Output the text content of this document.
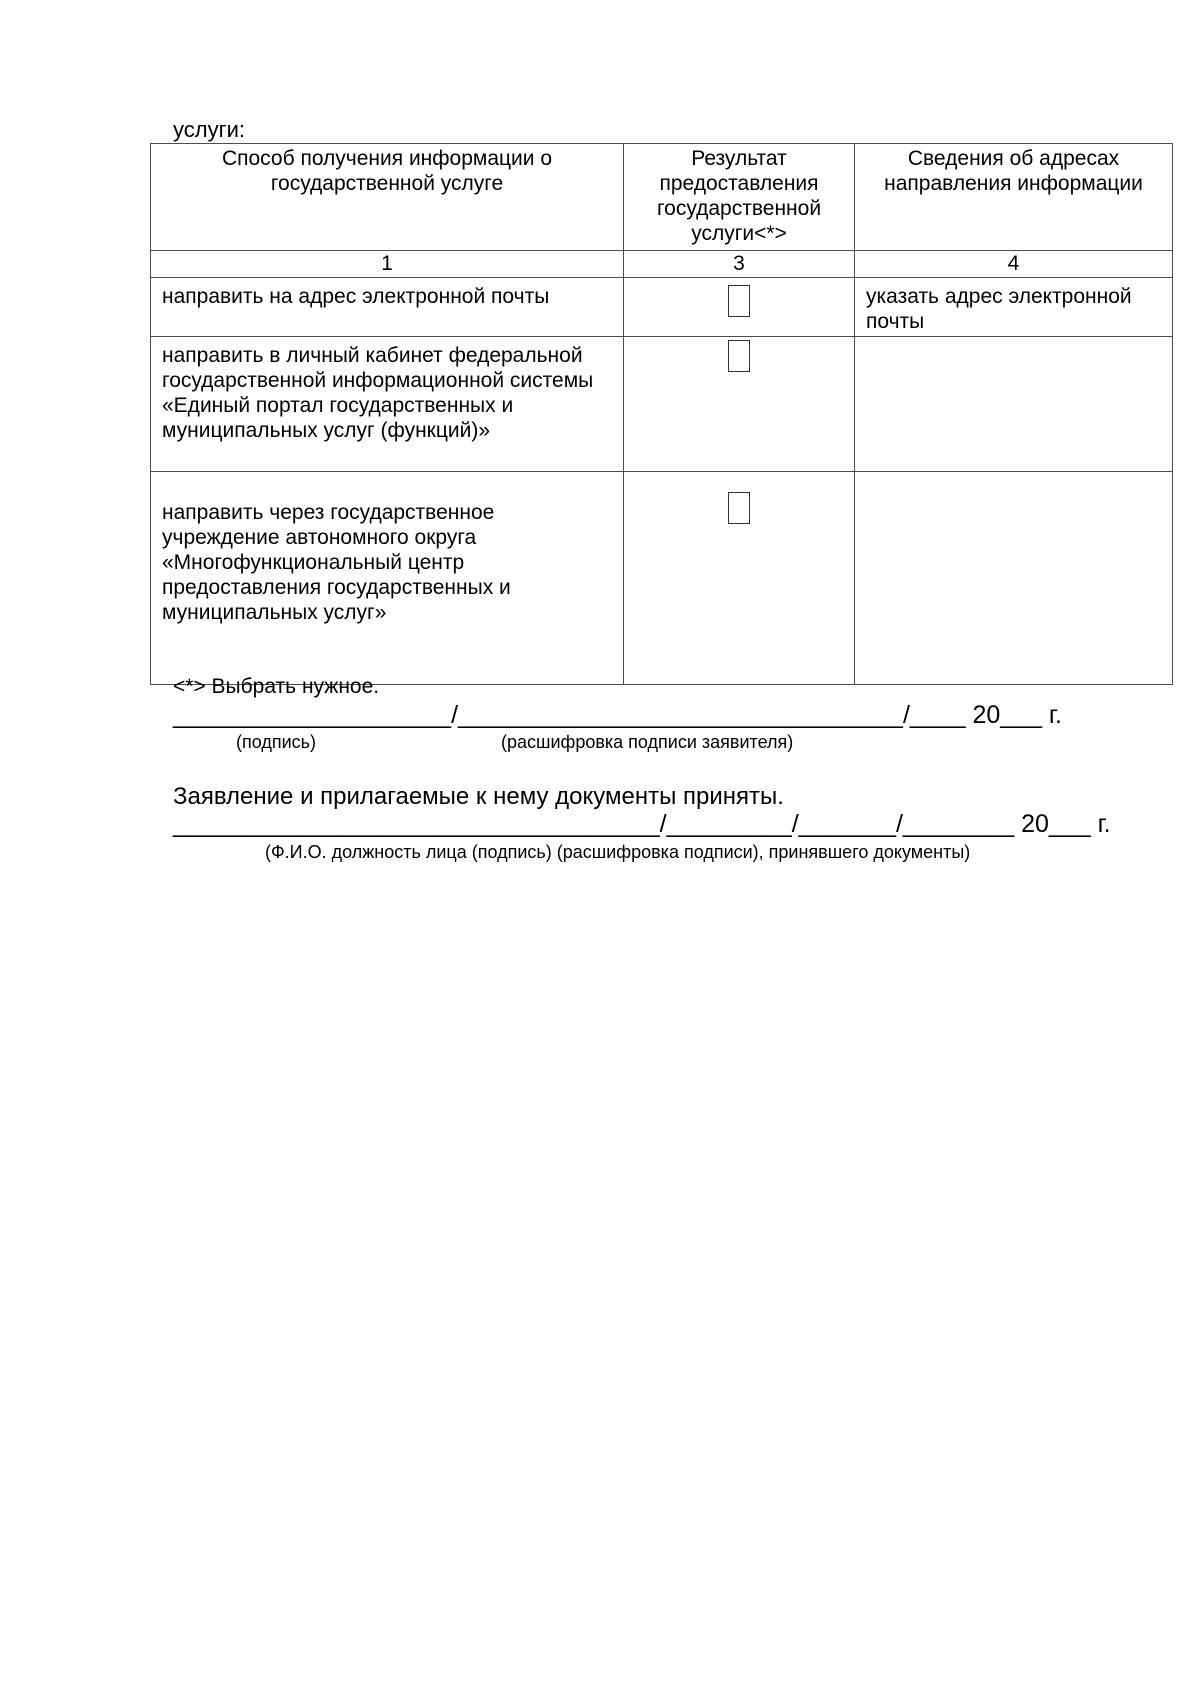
услуги:
Способ получения информации о государственной услуге	Результат предоставления государственной услуги<*>	Сведения об адресах направления информации
1	3	4
направить на адрес электронной почты		указать адрес электронной почты
направить в личный кабинет федеральной государственной информационной системы «Единый портал государственных и муниципальных услуг (функций)»	

направить через государственное учреждение автономного округа «Многофункциональный центр предоставления государственных и муниципальных услуг»	

<*> Выбрать нужное.
____________________/________________________________/____ 20___ г.
(подпись)	(расшифровка подписи заявителя)
Заявление и прилагаемые к нему документы приняты.
___________________________________/_________/_______/________ 20___ г.
(Ф.И.О. должность лица (подпись) (расшифровка подписи), принявшего документы)
